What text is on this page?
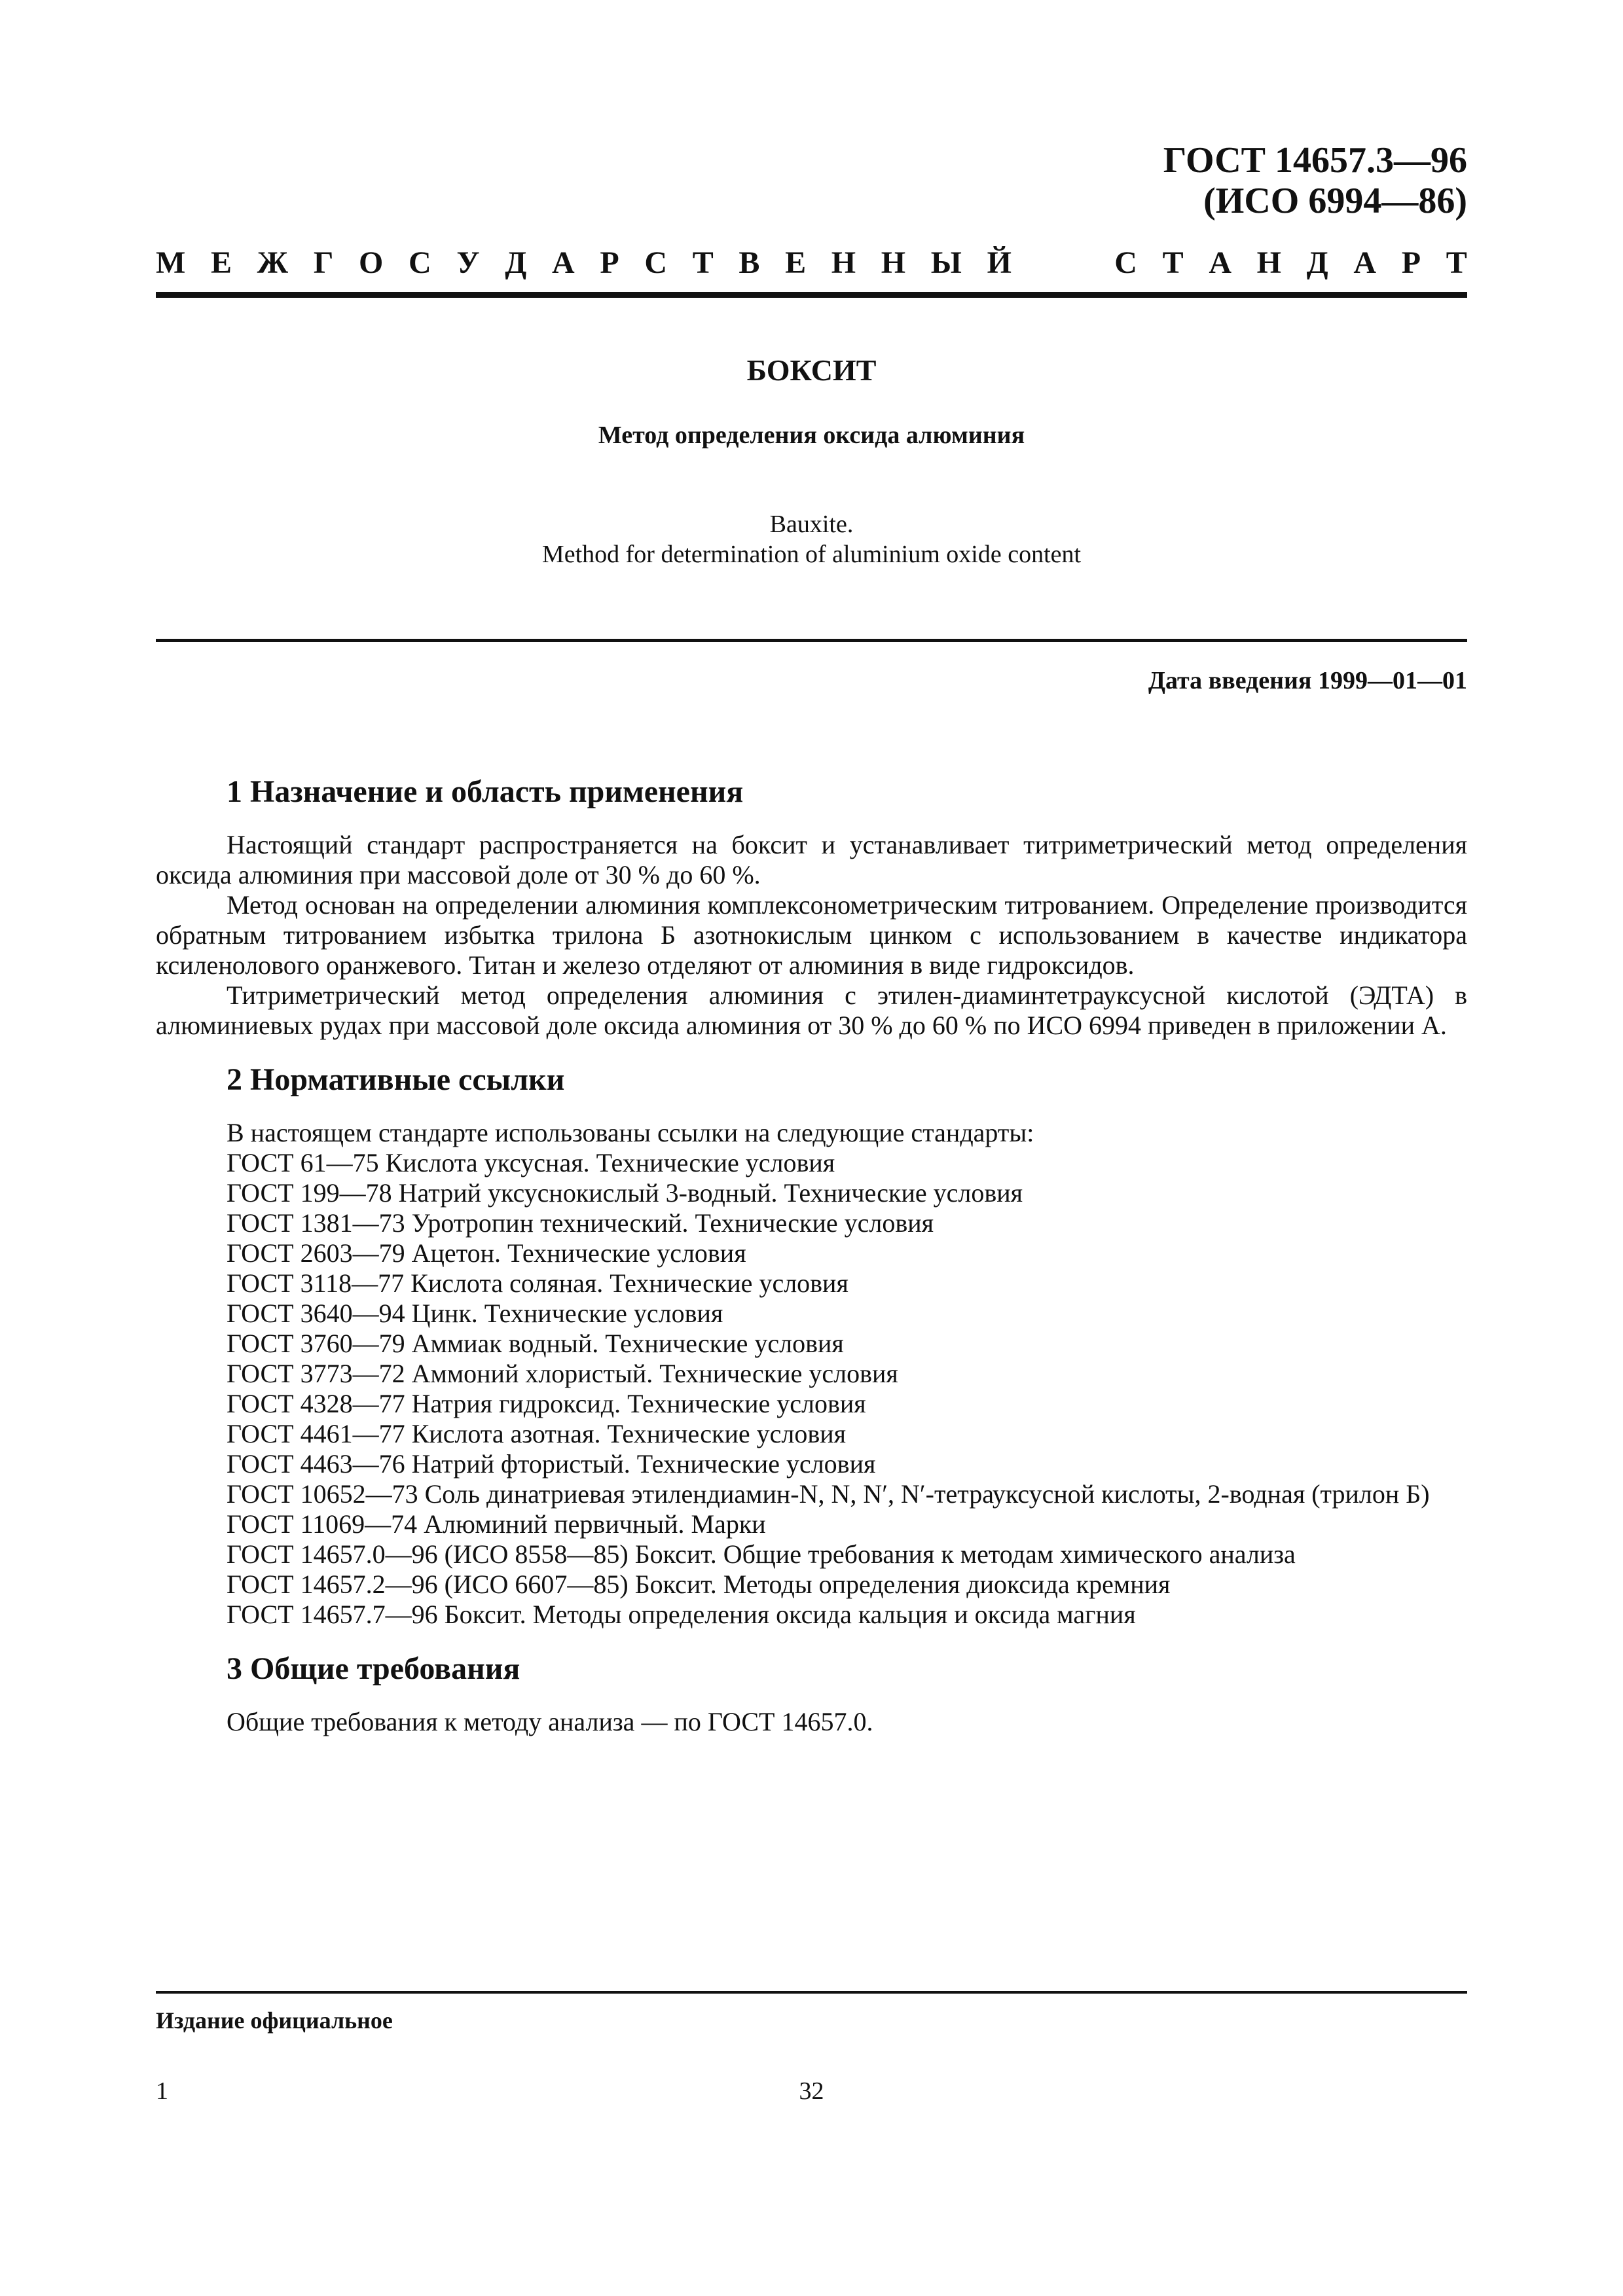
ГОСТ 14657.3—96
(ИСО 6994—86)
М Е Ж Г О С У Д А Р С Т В Е Н Н Ы Й	С Т А Н Д А Р Т
БОКСИТ
Метод определения оксида алюминия
Bauxite.
Method for determination of aluminium oxide content
Дата введения 1999—01—01
1 Назначение и область применения

Настоящий стандарт распространяется на боксит и устанавливает титриметрический метод определения оксида алюминия при массовой доле от 30 % до 60 %.

Метод основан на определении алюминия комплексонометрическим титрованием. Определение производится обратным титрованием избытка трилона Б азотнокислым цинком с использованием в качестве индикатора ксиленолового оранжевого. Титан и железо отделяют от алюминия в виде гидроксидов.

Титриметрический метод определения алюминия с этилен-диаминтетрауксусной кислотой (ЭДТА) в алюминиевых рудах при массовой доле оксида алюминия от 30 % до 60 % по ИСО 6994 приведен в приложении А.

2 Нормативные ссылки

В настоящем стандарте использованы ссылки на следующие стандарты:

ГОСТ 61—75 Кислота уксусная. Технические условия

ГОСТ 199—78 Натрий уксуснокислый 3-водный. Технические условия

ГОСТ 1381—73 Уротропин технический. Технические условия

ГОСТ 2603—79 Ацетон. Технические условия

ГОСТ 3118—77 Кислота соляная. Технические условия

ГОСТ 3640—94 Цинк. Технические условия

ГОСТ 3760—79 Аммиак водный. Технические условия

ГОСТ 3773—72 Аммоний хлористый. Технические условия

ГОСТ 4328—77 Натрия гидроксид. Технические условия

ГОСТ 4461—77 Кислота азотная. Технические условия

ГОСТ 4463—76 Натрий фтористый. Технические условия

ГОСТ 10652—73 Соль динатриевая этилендиамин-N, N, N′, N′-тетрауксусной кислоты, 2-водная (трилон Б)

ГОСТ 11069—74 Алюминий первичный. Марки

ГОСТ 14657.0—96 (ИСО 8558—85) Боксит. Общие требования к методам химического анализа

ГОСТ 14657.2—96 (ИСО 6607—85) Боксит. Методы определения диоксида кремния

ГОСТ 14657.7—96 Боксит. Методы определения оксида кальция и оксида магния

3 Общие требования

Общие требования к методу анализа — по ГОСТ 14657.0.

Издание официальное
1	32
